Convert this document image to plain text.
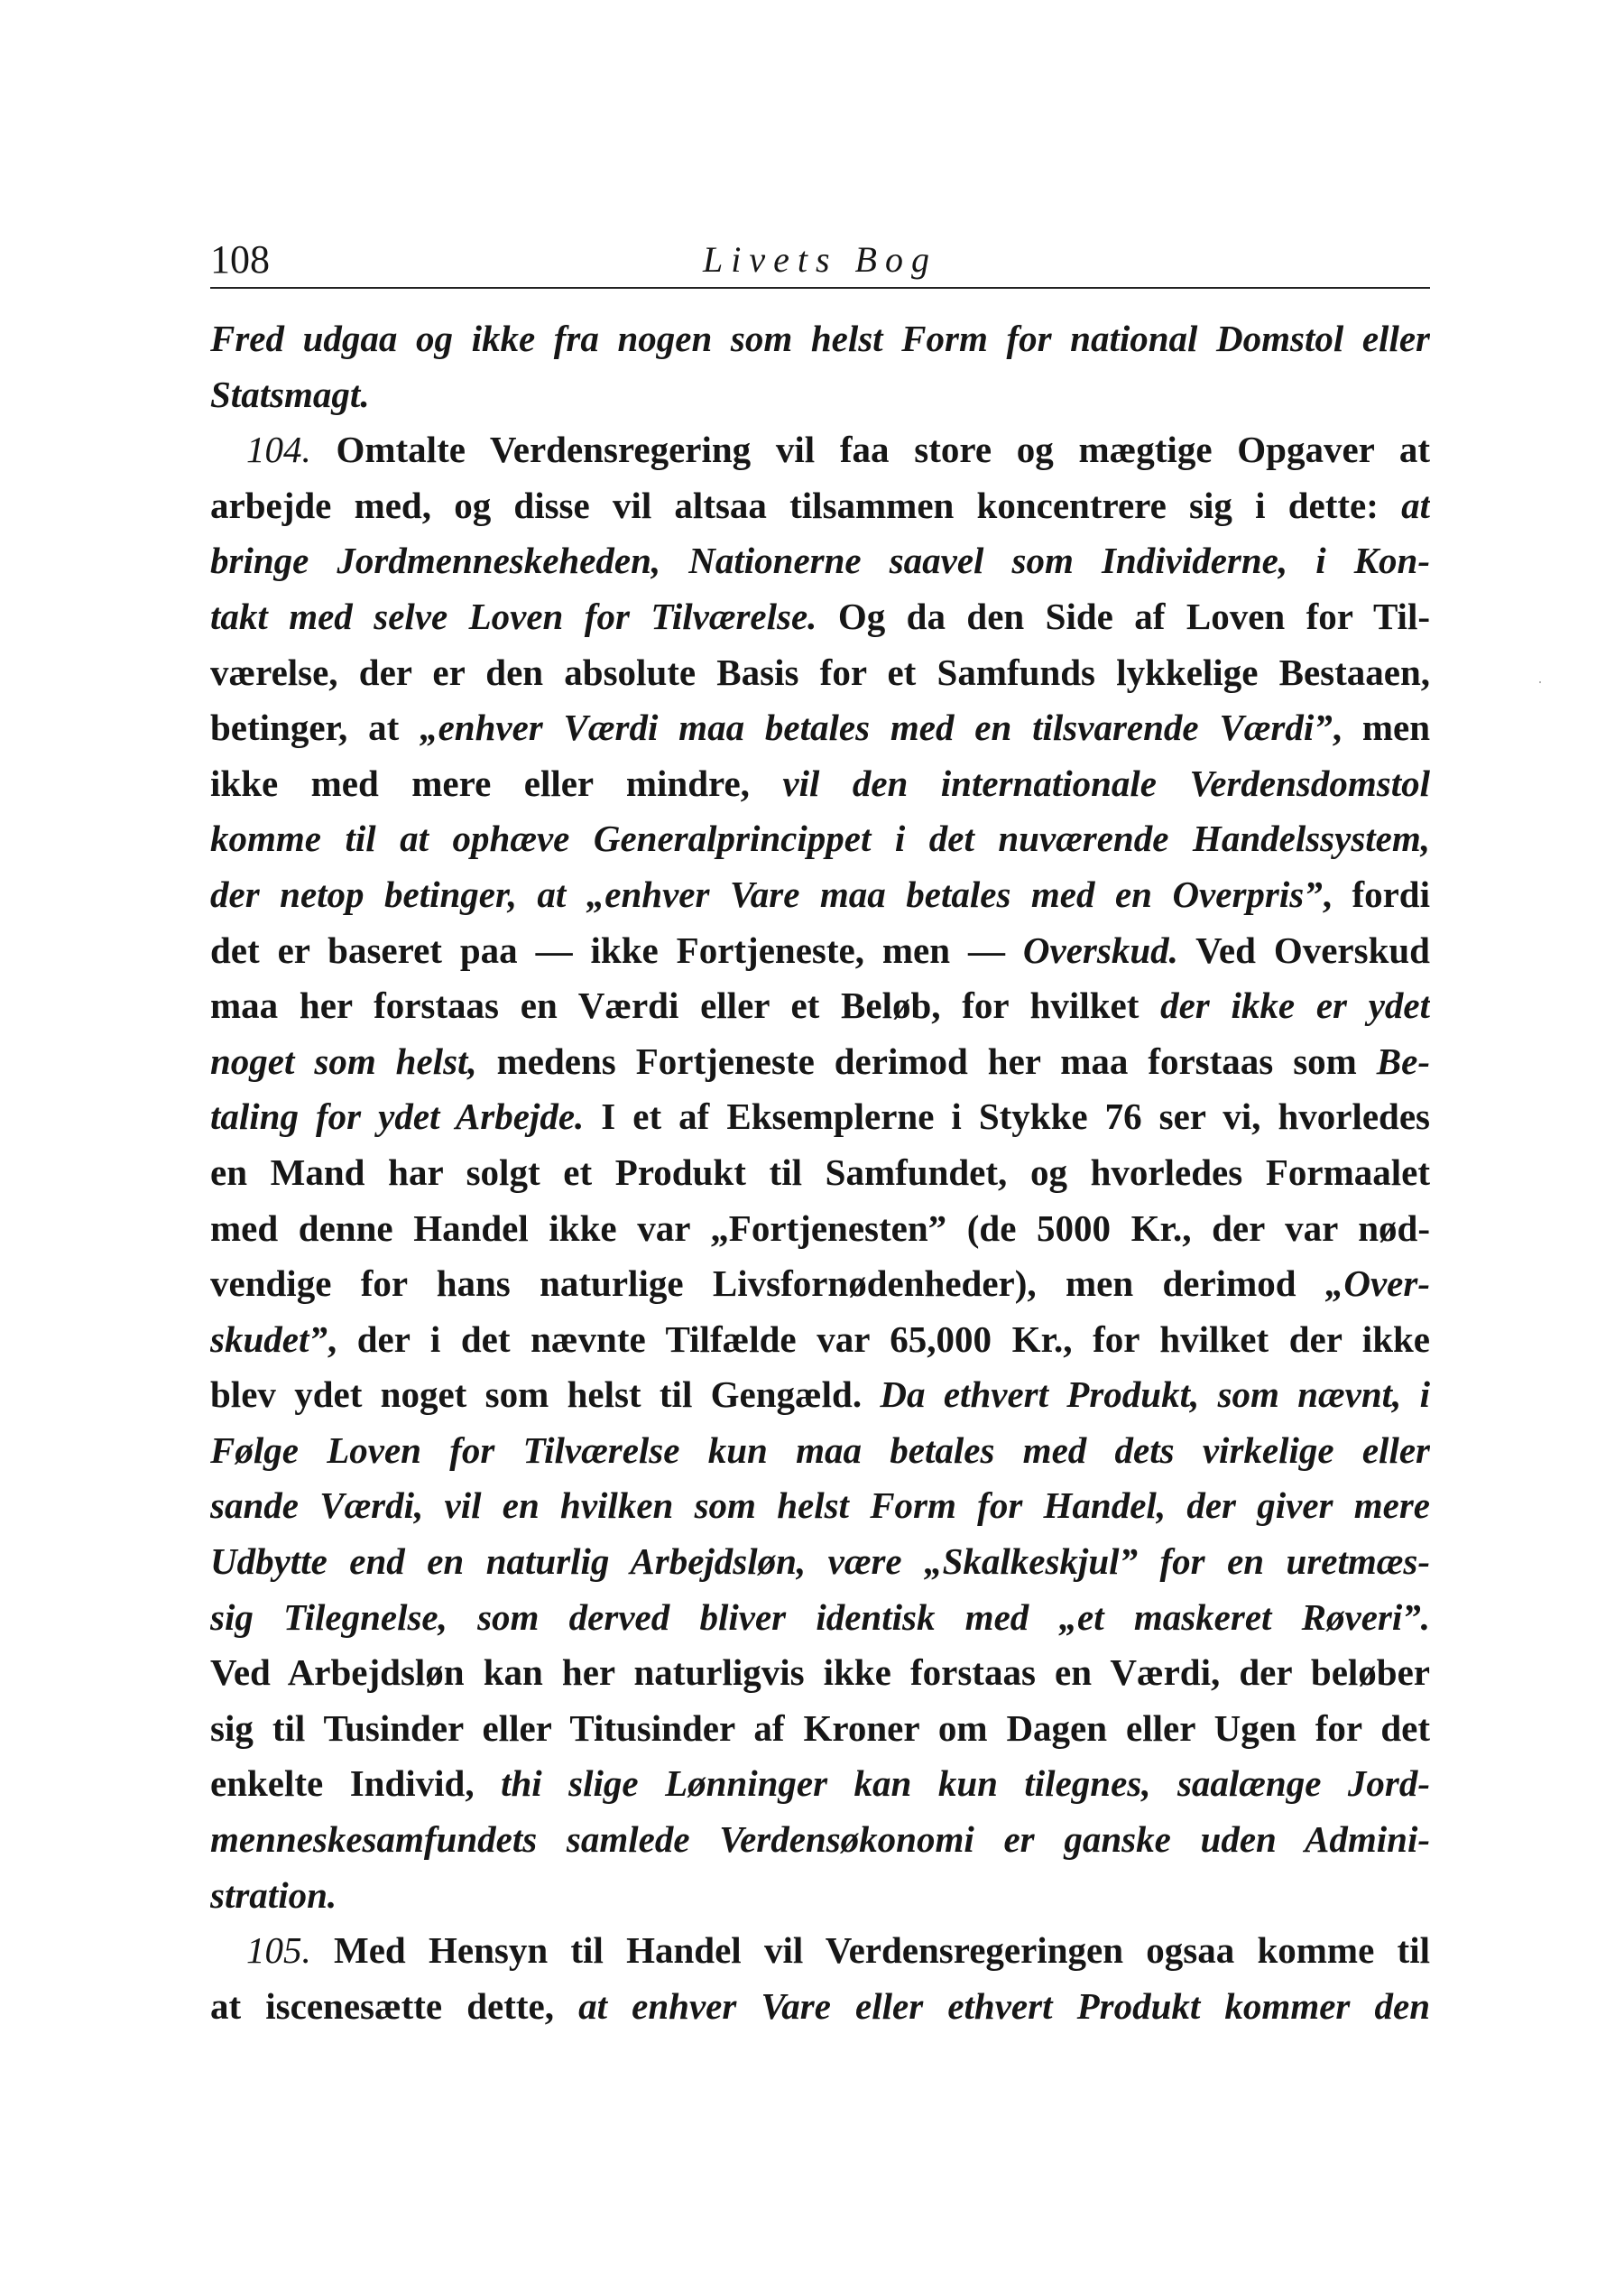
108	Livets Bog
Fred udgaa og ikke fra nogen som helst Form for national Domstol eller
Statsmagt.
104. Omtalte Verdensregering vil faa store og mægtige Opgaver at
arbejde med, og disse vil altsaa tilsammen koncentrere sig i dette: at
bringe Jordmenneskeheden, Nationerne saavel som Individerne, i Kon-
takt med selve Loven for Tilværelse. Og da den Side af Loven for Til-
værelse, der er den absolute Basis for et Samfunds lykkelige Bestaaen,
betinger, at „enhver Værdi maa betales med en tilsvarende Værdi”, men
ikke med mere eller mindre, vil den internationale Verdensdomstol
komme til at ophæve Generalprincippet i det nuværende Handelssystem,
der netop betinger, at „enhver Vare maa betales med en Overpris”, fordi
det er baseret paa — ikke Fortjeneste, men — Overskud. Ved Overskud
maa her forstaas en Værdi eller et Beløb, for hvilket der ikke er ydet
noget som helst, medens Fortjeneste derimod her maa forstaas som Be-
taling for ydet Arbejde. I et af Eksemplerne i Stykke 76 ser vi, hvorledes
en Mand har solgt et Produkt til Samfundet, og hvorledes Formaalet
med denne Handel ikke var „Fortjenesten” (de 5000 Kr., der var nød-
vendige for hans naturlige Livsfornødenheder), men derimod „Over-
skudet”, der i det nævnte Tilfælde var 65,000 Kr., for hvilket der ikke
blev ydet noget som helst til Gengæld. Da ethvert Produkt, som nævnt, i
Følge Loven for Tilværelse kun maa betales med dets virkelige eller
sande Værdi, vil en hvilken som helst Form for Handel, der giver mere
Udbytte end en naturlig Arbejdsløn, være „Skalkeskjul” for en uretmæs-
sig Tilegnelse, som derved bliver identisk med „et maskeret Røveri”.
Ved Arbejdsløn kan her naturligvis ikke forstaas en Værdi, der beløber
sig til Tusinder eller Titusinder af Kroner om Dagen eller Ugen for det
enkelte Individ, thi slige Lønninger kan kun tilegnes, saalænge Jord-
menneskesamfundets samlede Verdensøkonomi er ganske uden Admini-
stration.
105. Med Hensyn til Handel vil Verdensregeringen ogsaa komme til
at iscenesætte dette, at enhver Vare eller ethvert Produkt kommer den
